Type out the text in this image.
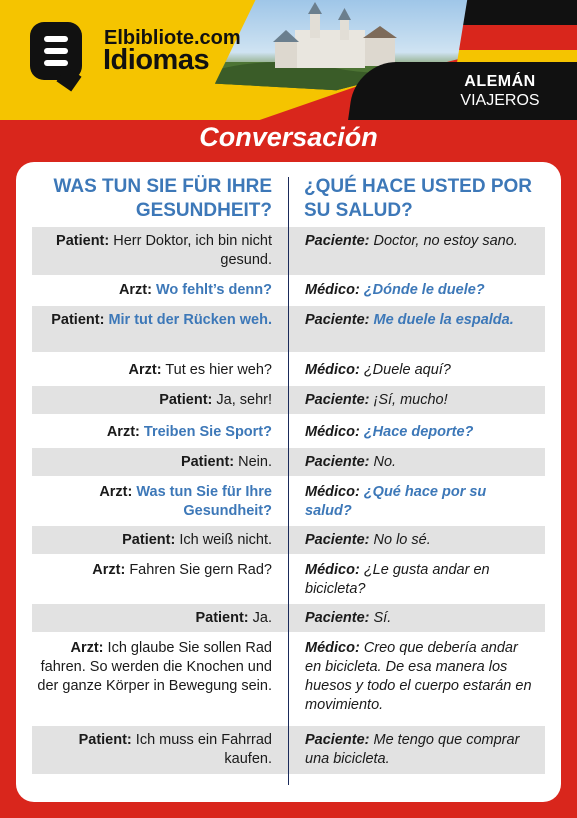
ALEMÁN
VIAJEROS
Elbibliote.com
Idiomas
Conversación
WAS TUN SIE FÜR IHRE GESUNDHEIT?
¿QUÉ HACE USTED POR SU SALUD?
Patient: Herr Doktor, ich bin nicht gesund.
Paciente: Doctor, no estoy sano.
Arzt: Wo fehlt’s denn? Médico: ¿Dónde le duele?
Patient: Mir tut der Rücken weh. Paciente: Me duele la espalda.
Arzt: Tut es hier weh? Médico: ¿Duele aquí?
Patient: Ja, sehr! Paciente: ¡Sí, mucho!
Arzt: Treiben Sie Sport? Médico: ¿Hace deporte?
Patient: Nein. Paciente: No.
Arzt: Was tun Sie für Ihre Gesundheit?
Médico: ¿Qué hace por su salud?
Patient: Ich weiß nicht. Paciente: No lo sé.
Arzt: Fahren Sie gern Rad? Médico: ¿Le gusta andar en bicicleta?
Patient: Ja. Paciente: Sí.
Arzt: Ich glaube Sie sollen Rad fahren. So werden die Knochen und der ganze Körper in Bewegung sein.
Médico: Creo que debería andar en bicicleta. De esa manera los huesos y todo el cuerpo estarán en movimiento.
Patient: Ich muss ein Fahrrad kaufen.
Paciente: Me tengo que comprar una bicicleta.
